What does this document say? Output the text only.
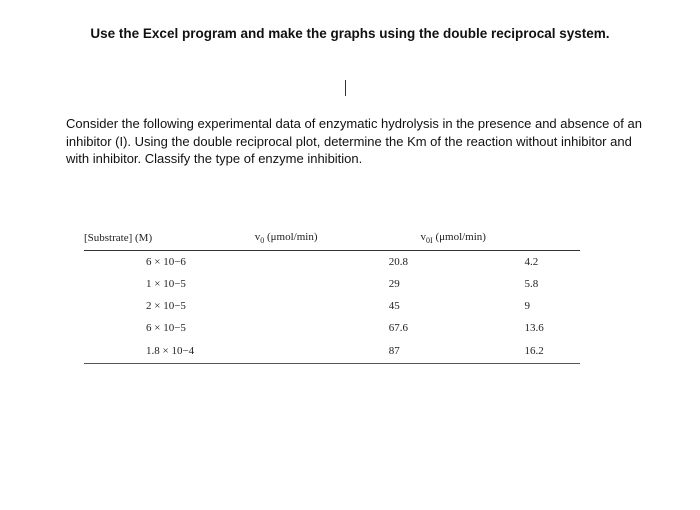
Use the Excel program and make the graphs using the double reciprocal system.

Consider the following experimental data of enzymatic hydrolysis in the presence and absence of an inhibitor (I). Using the double reciprocal plot, determine the Km of the reaction without inhibitor and with inhibitor. Classify the type of enzyme inhibition.

[Substrate] (M)	$v_0$ (μmol/min)	$v_{0I}$ (μmol/min)
6 × 10−6	20.8	4.2
1 × 10−5	29	5.8
2 × 10−5	45	9
6 × 10−5	67.6	13.6
1.8 × 10−4	87	16.2
